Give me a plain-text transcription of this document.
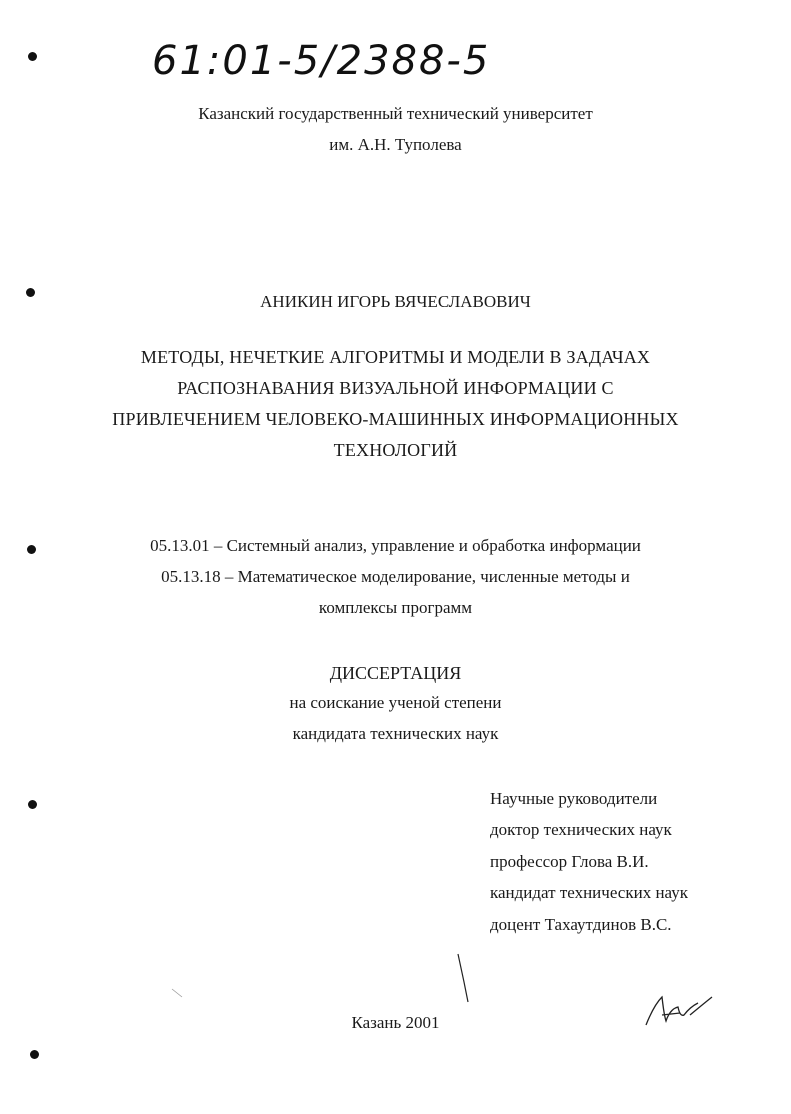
61:01-5/2388-5
Казанский государственный технический университет
им. А.Н. Туполева
АНИКИН ИГОРЬ ВЯЧЕСЛАВОВИЧ
МЕТОДЫ, НЕЧЕТКИЕ АЛГОРИТМЫ И МОДЕЛИ В ЗАДАЧАХ
РАСПОЗНАВАНИЯ ВИЗУАЛЬНОЙ ИНФОРМАЦИИ С
ПРИВЛЕЧЕНИЕМ ЧЕЛОВЕКО-МАШИННЫХ ИНФОРМАЦИОННЫХ
ТЕХНОЛОГИЙ
05.13.01 – Системный анализ, управление и обработка информации
05.13.18 – Математическое моделирование, численные методы и
комплексы программ
ДИССЕРТАЦИЯ
на соискание ученой степени
кандидата технических наук
Научные руководители
доктор технических наук
профессор Глова В.И.
кандидат технических наук
доцент Тахаутдинов В.С.
Казань 2001
